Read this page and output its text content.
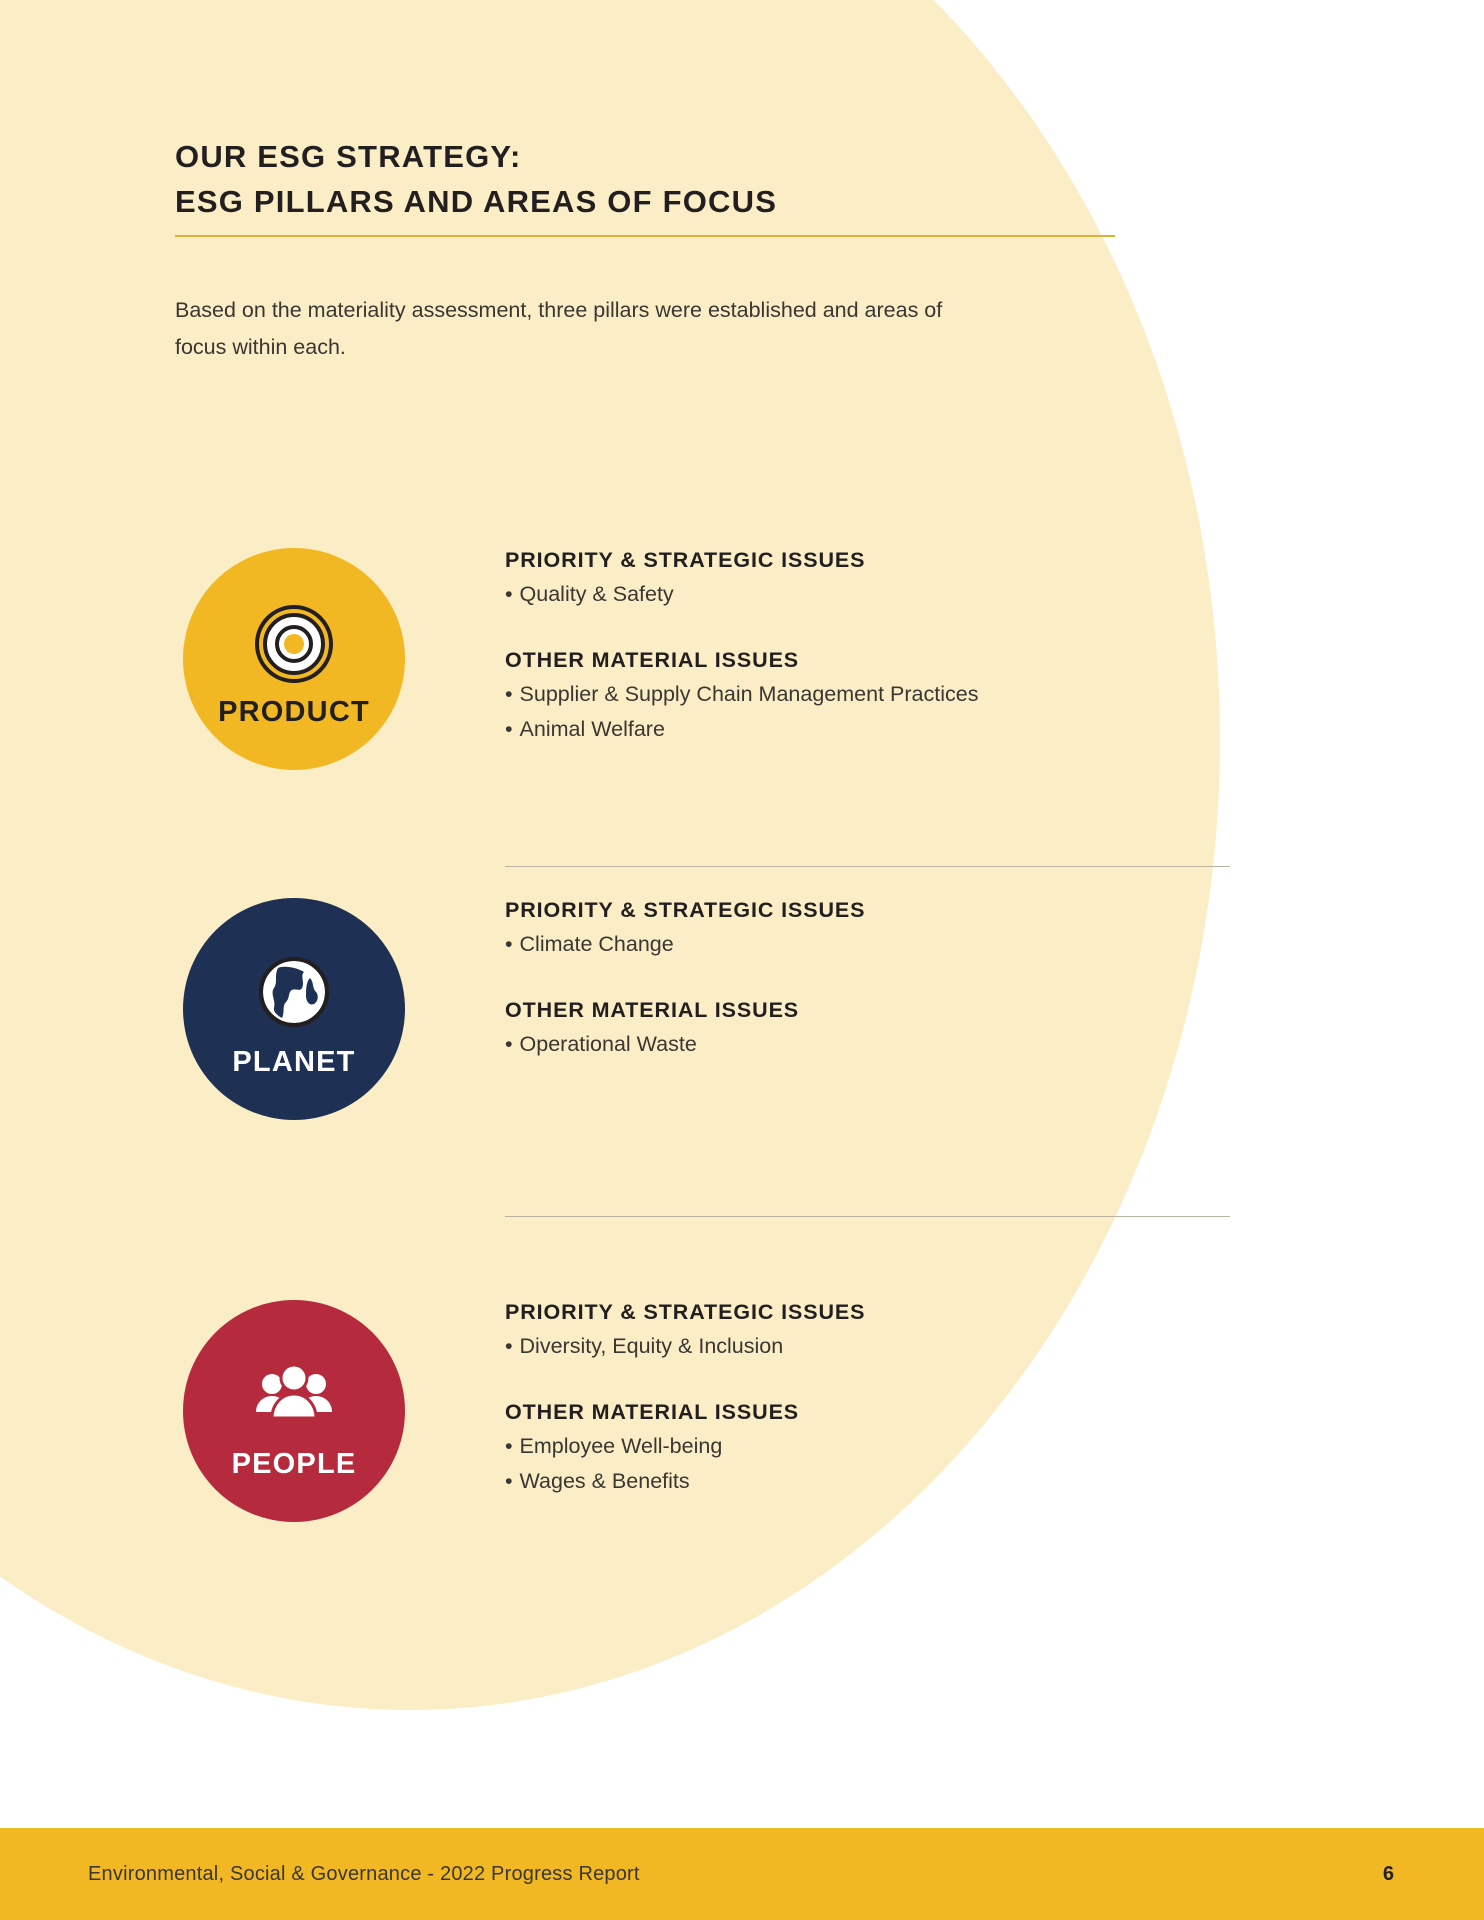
OUR ESG STRATEGY:
ESG PILLARS AND AREAS OF FOCUS
Based on the materiality assessment, three pillars were established and areas of focus within each.
PRODUCT

PRIORITY & STRATEGIC ISSUES

• Quality & Safety

OTHER MATERIAL ISSUES

• Supplier & Supply Chain Management Practices

• Animal Welfare

PLANET

PRIORITY & STRATEGIC ISSUES

• Climate Change

OTHER MATERIAL ISSUES

• Operational Waste

PEOPLE

PRIORITY & STRATEGIC ISSUES

• Diversity, Equity & Inclusion

OTHER MATERIAL ISSUES

• Employee Well-being

• Wages & Benefits

Environmental, Social & Governance - 2022 Progress Report	6
